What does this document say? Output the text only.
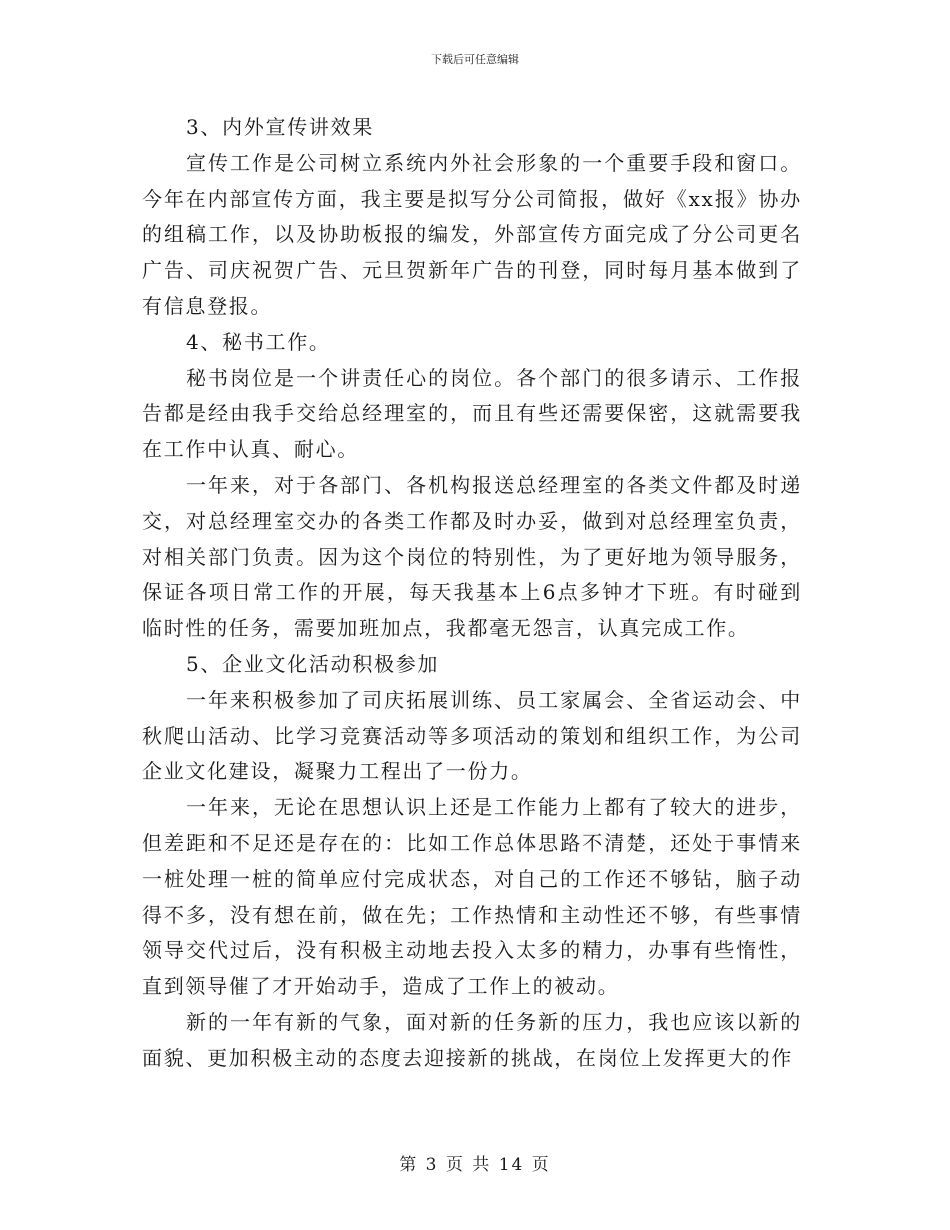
下载后可任意编辑

3、内外宣传讲效果

宣传工作是公司树立系统内外社会形象的一个重要手段和窗口。今年在内部宣传方面，我主要是拟写分公司简报，做好《xx报》协办的组稿工作，以及协助板报的编发，外部宣传方面完成了分公司更名广告、司庆祝贺广告、元旦贺新年广告的刊登，同时每月基本做到了有信息登报。

4、秘书工作。

秘书岗位是一个讲责任心的岗位。各个部门的很多请示、工作报告都是经由我手交给总经理室的，而且有些还需要保密，这就需要我在工作中认真、耐心。

一年来，对于各部门、各机构报送总经理室的各类文件都及时递交，对总经理室交办的各类工作都及时办妥，做到对总经理室负责，对相关部门负责。因为这个岗位的特别性，为了更好地为领导服务，保证各项日常工作的开展，每天我基本上6点多钟才下班。有时碰到临时性的任务，需要加班加点，我都毫无怨言，认真完成工作。

5、企业文化活动积极参加

一年来积极参加了司庆拓展训练、员工家属会、全省运动会、中秋爬山活动、比学习竞赛活动等多项活动的策划和组织工作，为公司企业文化建设，凝聚力工程出了一份力。

一年来，无论在思想认识上还是工作能力上都有了较大的进步，但差距和不足还是存在的：比如工作总体思路不清楚，还处于事情来一桩处理一桩的简单应付完成状态，对自己的工作还不够钻，脑子动得不多，没有想在前，做在先；工作热情和主动性还不够，有些事情领导交代过后，没有积极主动地去投入太多的精力，办事有些惰性，直到领导催了才开始动手，造成了工作上的被动。

新的一年有新的气象，面对新的任务新的压力，我也应该以新的面貌、更加积极主动的态度去迎接新的挑战，在岗位上发挥更大的作

第 3 页 共 14 页
